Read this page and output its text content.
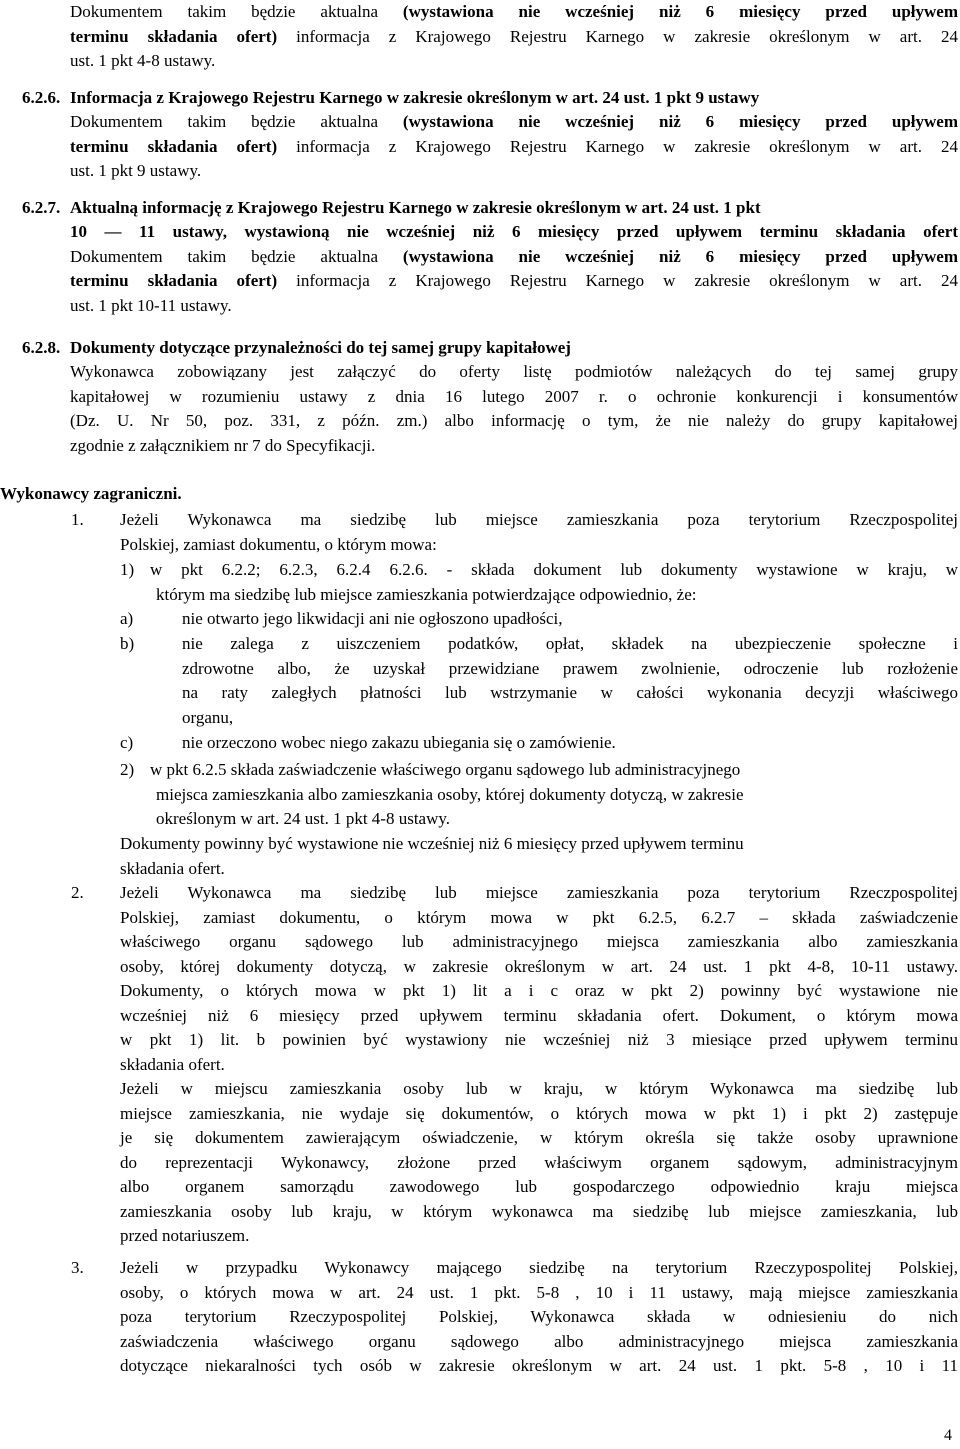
Dokumentem takim będzie aktualna (wystawiona nie wcześniej niż 6 miesięcy przed upływem

terminu składania ofert) informacja z Krajowego Rejestru Karnego w zakresie określonym w art. 24

ust. 1 pkt 4-8 ustawy.

6.2.6. Informacja z Krajowego Rejestru Karnego w zakresie określonym w art. 24 ust. 1 pkt 9 ustawy

Dokumentem takim będzie aktualna (wystawiona nie wcześniej niż 6 miesięcy przed upływem

terminu składania ofert) informacja z Krajowego Rejestru Karnego w zakresie określonym w art. 24

ust. 1 pkt 9 ustawy.

6.2.7. Aktualną informację z Krajowego Rejestru Karnego w zakresie określonym w art. 24 ust. 1 pkt

10 — 11 ustawy, wystawioną nie wcześniej niż 6 miesięcy przed upływem terminu składania ofert

Dokumentem takim będzie aktualna (wystawiona nie wcześniej niż 6 miesięcy przed upływem

terminu składania ofert) informacja z Krajowego Rejestru Karnego w zakresie określonym w art. 24

ust. 1 pkt 10-11 ustawy.

6.2.8. Dokumenty dotyczące przynależności do tej samej grupy kapitałowej

Wykonawca zobowiązany jest załączyć do oferty listę podmiotów należących do tej samej grupy

kapitałowej w rozumieniu ustawy z dnia 16 lutego 2007 r. o ochronie konkurencji i konsumentów

(Dz. U. Nr 50, poz. 331, z późn. zm.) albo informację o tym, że nie należy do grupy kapitałowej

zgodnie z załącznikiem nr 7 do Specyfikacji.

Wykonawcy zagraniczni.
1. Jeżeli Wykonawca ma siedzibę lub miejsce zamieszkania poza terytorium Rzeczpospolitej

Polskiej, zamiast dokumentu, o którym mowa:

1) w pkt 6.2.2; 6.2.3, 6.2.4 6.2.6. - składa dokument lub dokumenty wystawione w kraju, w

którym ma siedzibę lub miejsce zamieszkania potwierdzające odpowiednio, że:

a)	nie otwarto jego likwidacji ani nie ogłoszono upadłości,
b)	nie zalega z uiszczeniem podatków, opłat, składek na ubezpieczenie społeczne i

zdrowotne albo, że uzyskał przewidziane prawem zwolnienie, odroczenie lub rozłożenie

na raty zaległych płatności lub wstrzymanie w całości wykonania decyzji właściwego

organu,

c)	nie orzeczono wobec niego zakazu ubiegania się o zamówienie.
2) w pkt 6.2.5 składa zaświadczenie właściwego organu sądowego lub administracyjnego

miejsca zamieszkania albo zamieszkania osoby, której dokumenty dotyczą, w zakresie

określonym w art. 24 ust. 1 pkt 4-8 ustawy.

Dokumenty powinny być wystawione nie wcześniej niż 6 miesięcy przed upływem terminu

składania ofert.

2. Jeżeli Wykonawca ma siedzibę lub miejsce zamieszkania poza terytorium Rzeczpospolitej

Polskiej, zamiast dokumentu, o którym mowa w pkt 6.2.5, 6.2.7 – składa zaświadczenie

właściwego organu sądowego lub administracyjnego miejsca zamieszkania albo zamieszkania

osoby, której dokumenty dotyczą, w zakresie określonym w art. 24 ust. 1 pkt 4-8, 10-11 ustawy.

Dokumenty, o których mowa w pkt 1) lit a i c oraz w pkt 2) powinny być wystawione nie

wcześniej niż 6 miesięcy przed upływem terminu składania ofert. Dokument, o którym mowa

w pkt 1) lit. b powinien być wystawiony nie wcześniej niż 3 miesiące przed upływem terminu

składania ofert.

Jeżeli w miejscu zamieszkania osoby lub w kraju, w którym Wykonawca ma siedzibę lub

miejsce zamieszkania, nie wydaje się dokumentów, o których mowa w pkt 1) i pkt 2) zastępuje

je się dokumentem zawierającym oświadczenie, w którym określa się także osoby uprawnione

do reprezentacji Wykonawcy, złożone przed właściwym organem sądowym, administracyjnym

albo organem samorządu zawodowego lub gospodarczego odpowiednio kraju miejsca

zamieszkania osoby lub kraju, w którym wykonawca ma siedzibę lub miejsce zamieszkania, lub

przed notariuszem.

3. Jeżeli w przypadku Wykonawcy mającego siedzibę na terytorium Rzeczypospolitej Polskiej,

osoby, o których mowa w art. 24 ust. 1 pkt. 5-8 , 10 i 11 ustawy, mają miejsce zamieszkania

poza terytorium Rzeczypospolitej Polskiej, Wykonawca składa w odniesieniu do nich

zaświadczenia właściwego organu sądowego albo administracyjnego miejsca zamieszkania

dotyczące niekaralności tych osób w zakresie określonym w art. 24 ust. 1 pkt. 5-8 , 10 i 11

4
